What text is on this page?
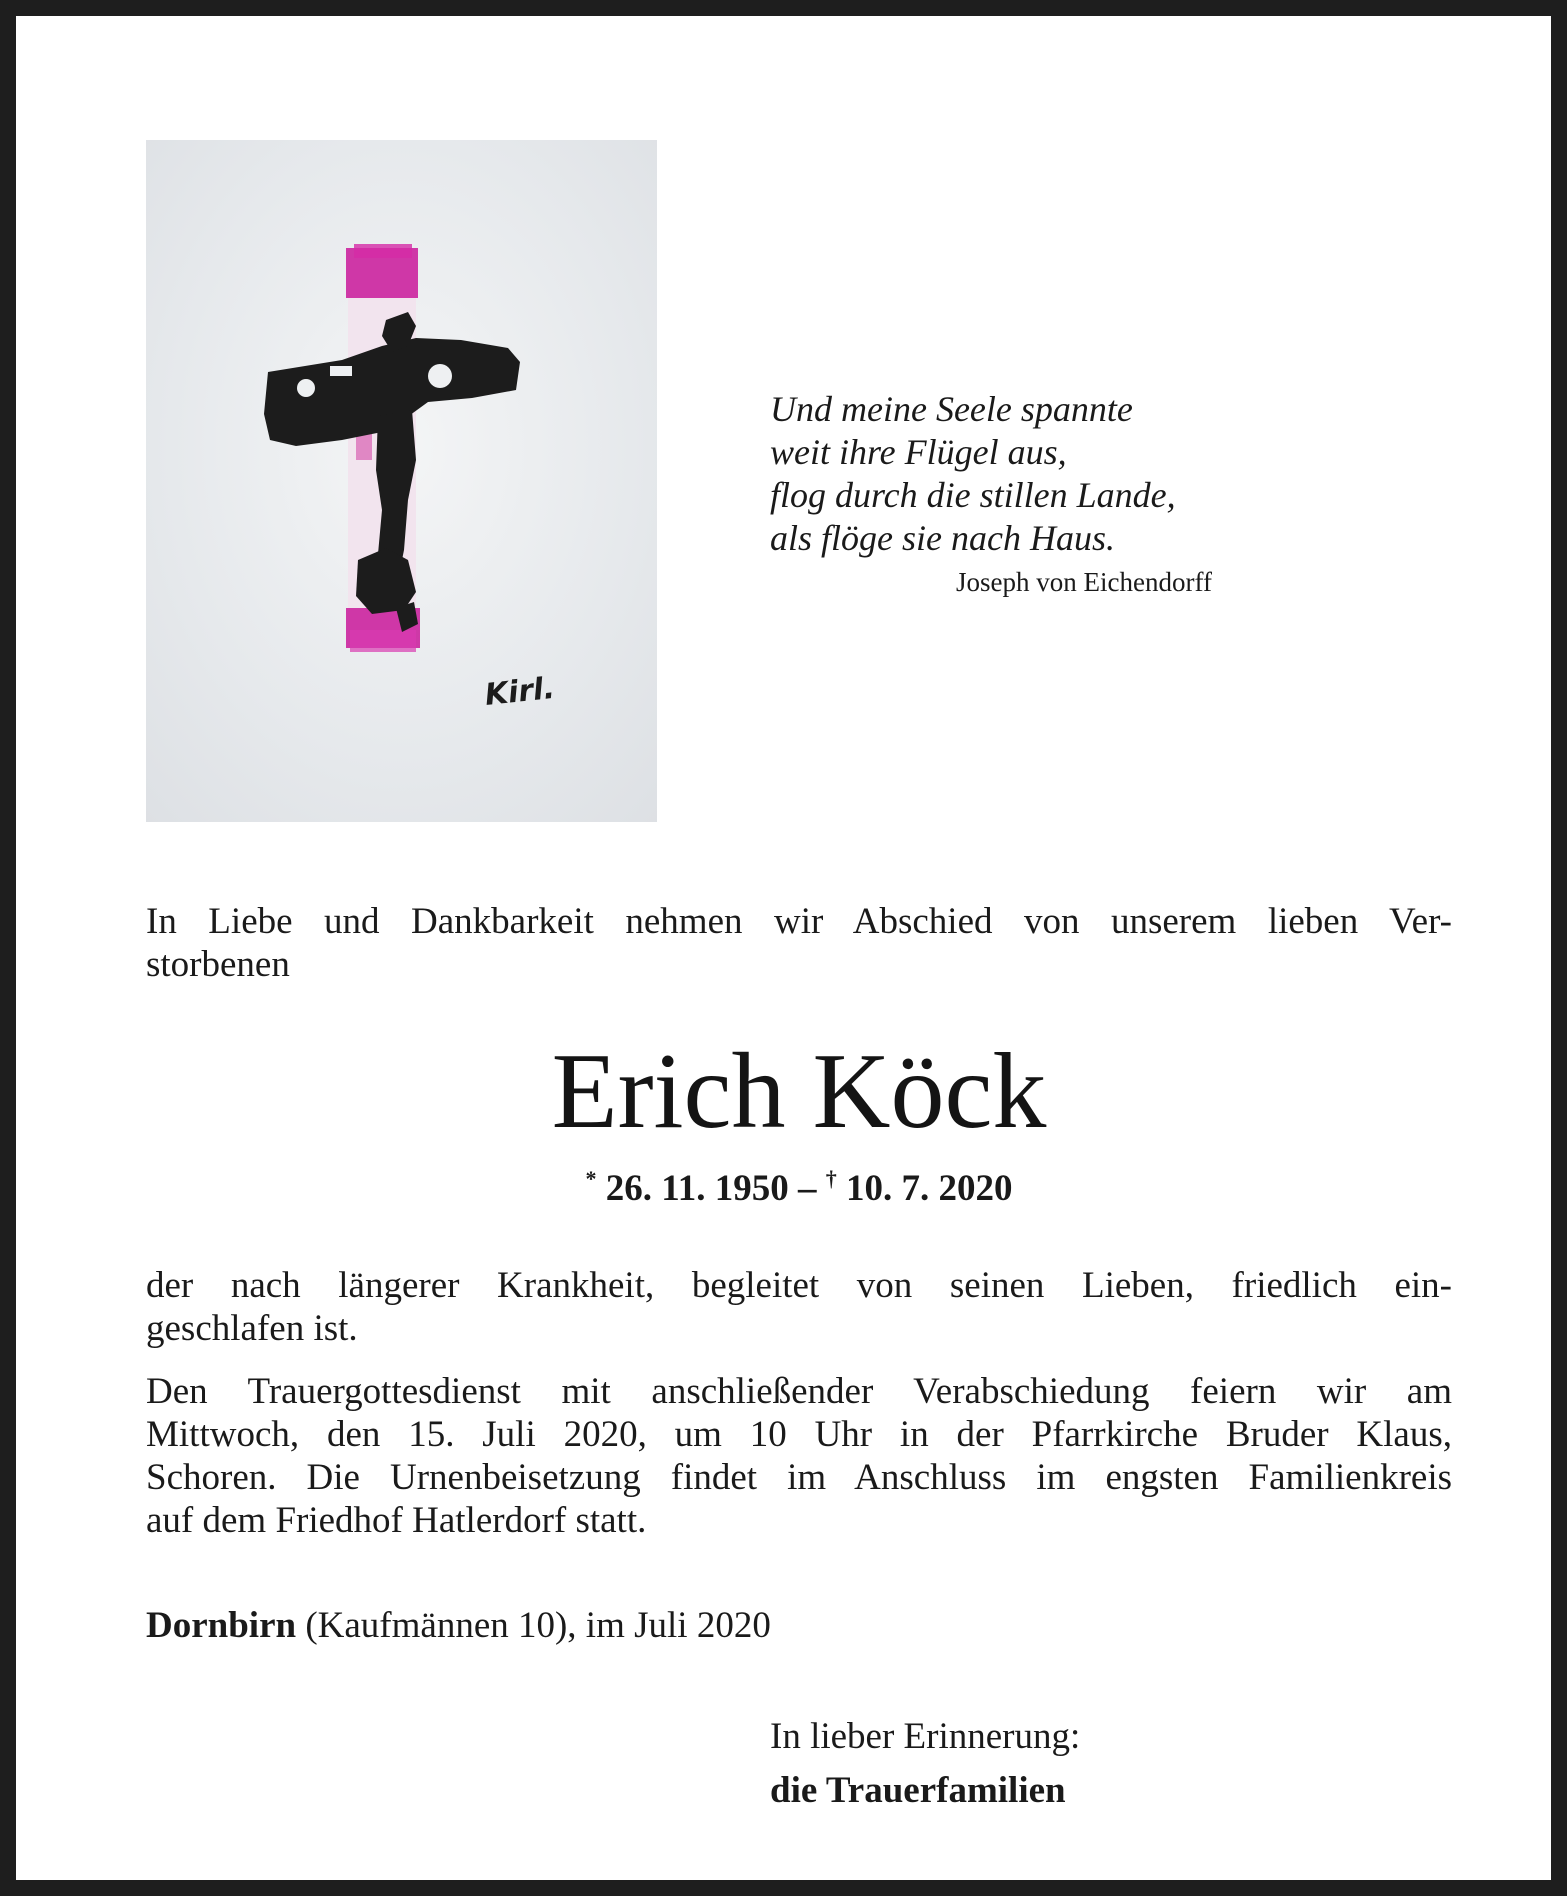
Kirl.
Und meine Seele spannte
weit ihre Flügel aus,
flog durch die stillen Lande,
als flöge sie nach Haus.
Joseph von Eichendorff
In Liebe und Dankbarkeit nehmen wir Abschied von unserem lieben Ver-
storbenen
Erich Köck
* 26. 11. 1950 – † 10. 7. 2020
der nach längerer Krankheit, begleitet von seinen Lieben, friedlich ein-
geschlafen ist.
Den Trauergottesdienst mit anschließender Verabschiedung feiern wir am
Mittwoch, den 15. Juli 2020, um 10 Uhr in der Pfarrkirche Bruder Klaus,
Schoren. Die Urnenbeisetzung findet im Anschluss im engsten Familienkreis
auf dem Friedhof Hatlerdorf statt.
Dornbirn (Kaufmännen 10), im Juli 2020
In lieber Erinnerung:
die Trauerfamilien
